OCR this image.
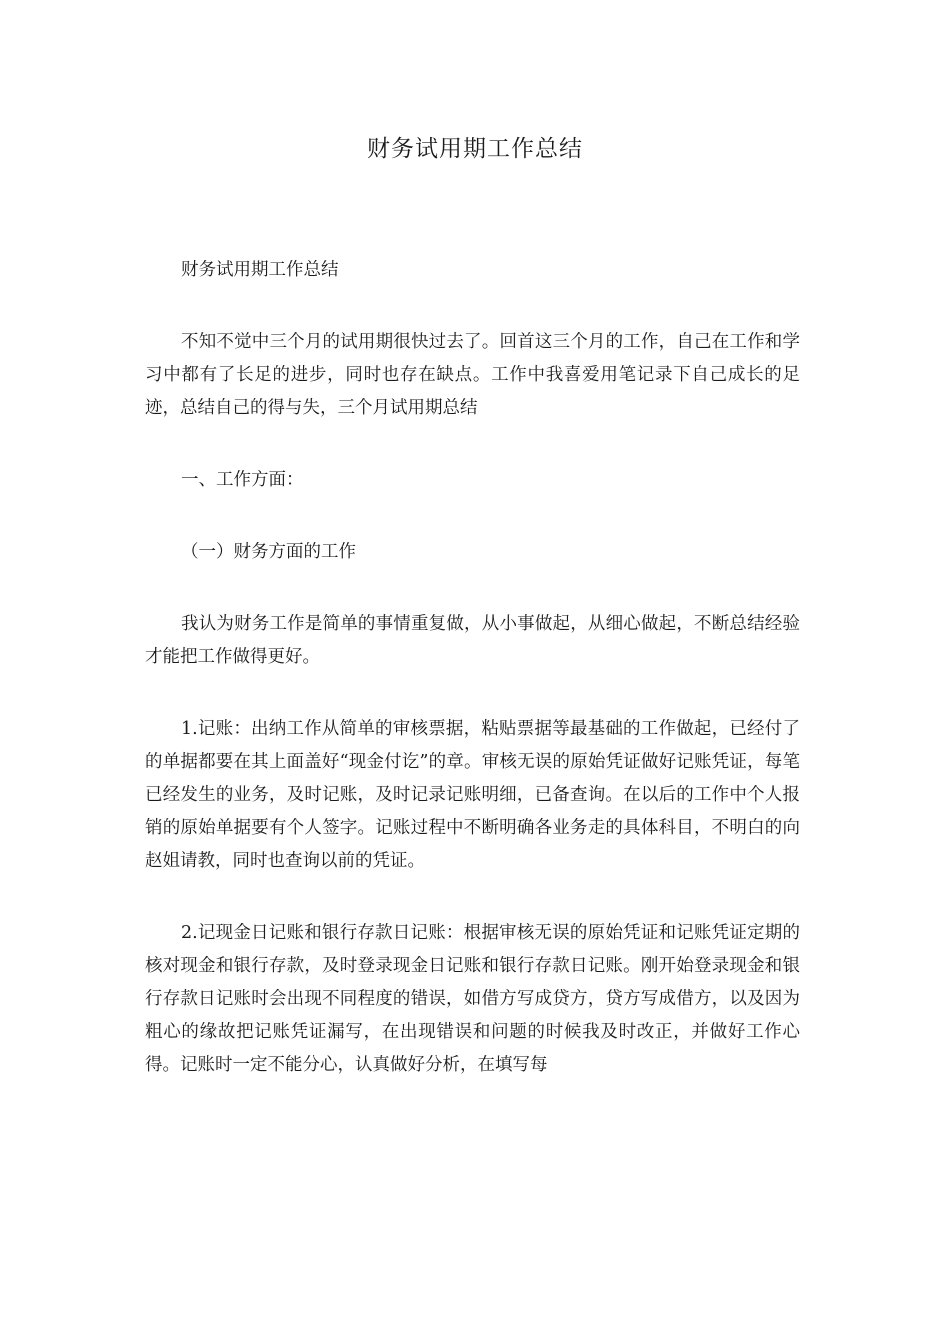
财务试用期工作总结

财务试用期工作总结

不知不觉中三个月的试用期很快过去了。回首这三个月的工作，自己在工作和学习中都有了长足的进步，同时也存在缺点。工作中我喜爱用笔记录下自己成长的足迹，总结自己的得与失，三个月试用期总结

一、工作方面：

（一）财务方面的工作

我认为财务工作是简单的事情重复做，从小事做起，从细心做起，不断总结经验才能把工作做得更好。

1.记账：出纳工作从简单的审核票据，粘贴票据等最基础的工作做起，已经付了的单据都要在其上面盖好“现金付讫”的章。审核无误的原始凭证做好记账凭证，每笔已经发生的业务，及时记账，及时记录记账明细，已备查询。在以后的工作中个人报销的原始单据要有个人签字。记账过程中不断明确各业务走的具体科目，不明白的向赵姐请教，同时也查询以前的凭证。

2.记现金日记账和银行存款日记账：根据审核无误的原始凭证和记账凭证定期的核对现金和银行存款，及时登录现金日记账和银行存款日记账。刚开始登录现金和银行存款日记账时会出现不同程度的错误，如借方写成贷方，贷方写成借方，以及因为粗心的缘故把记账凭证漏写，在出现错误和问题的时候我及时改正，并做好工作心得。记账时一定不能分心，认真做好分析，在填写每
